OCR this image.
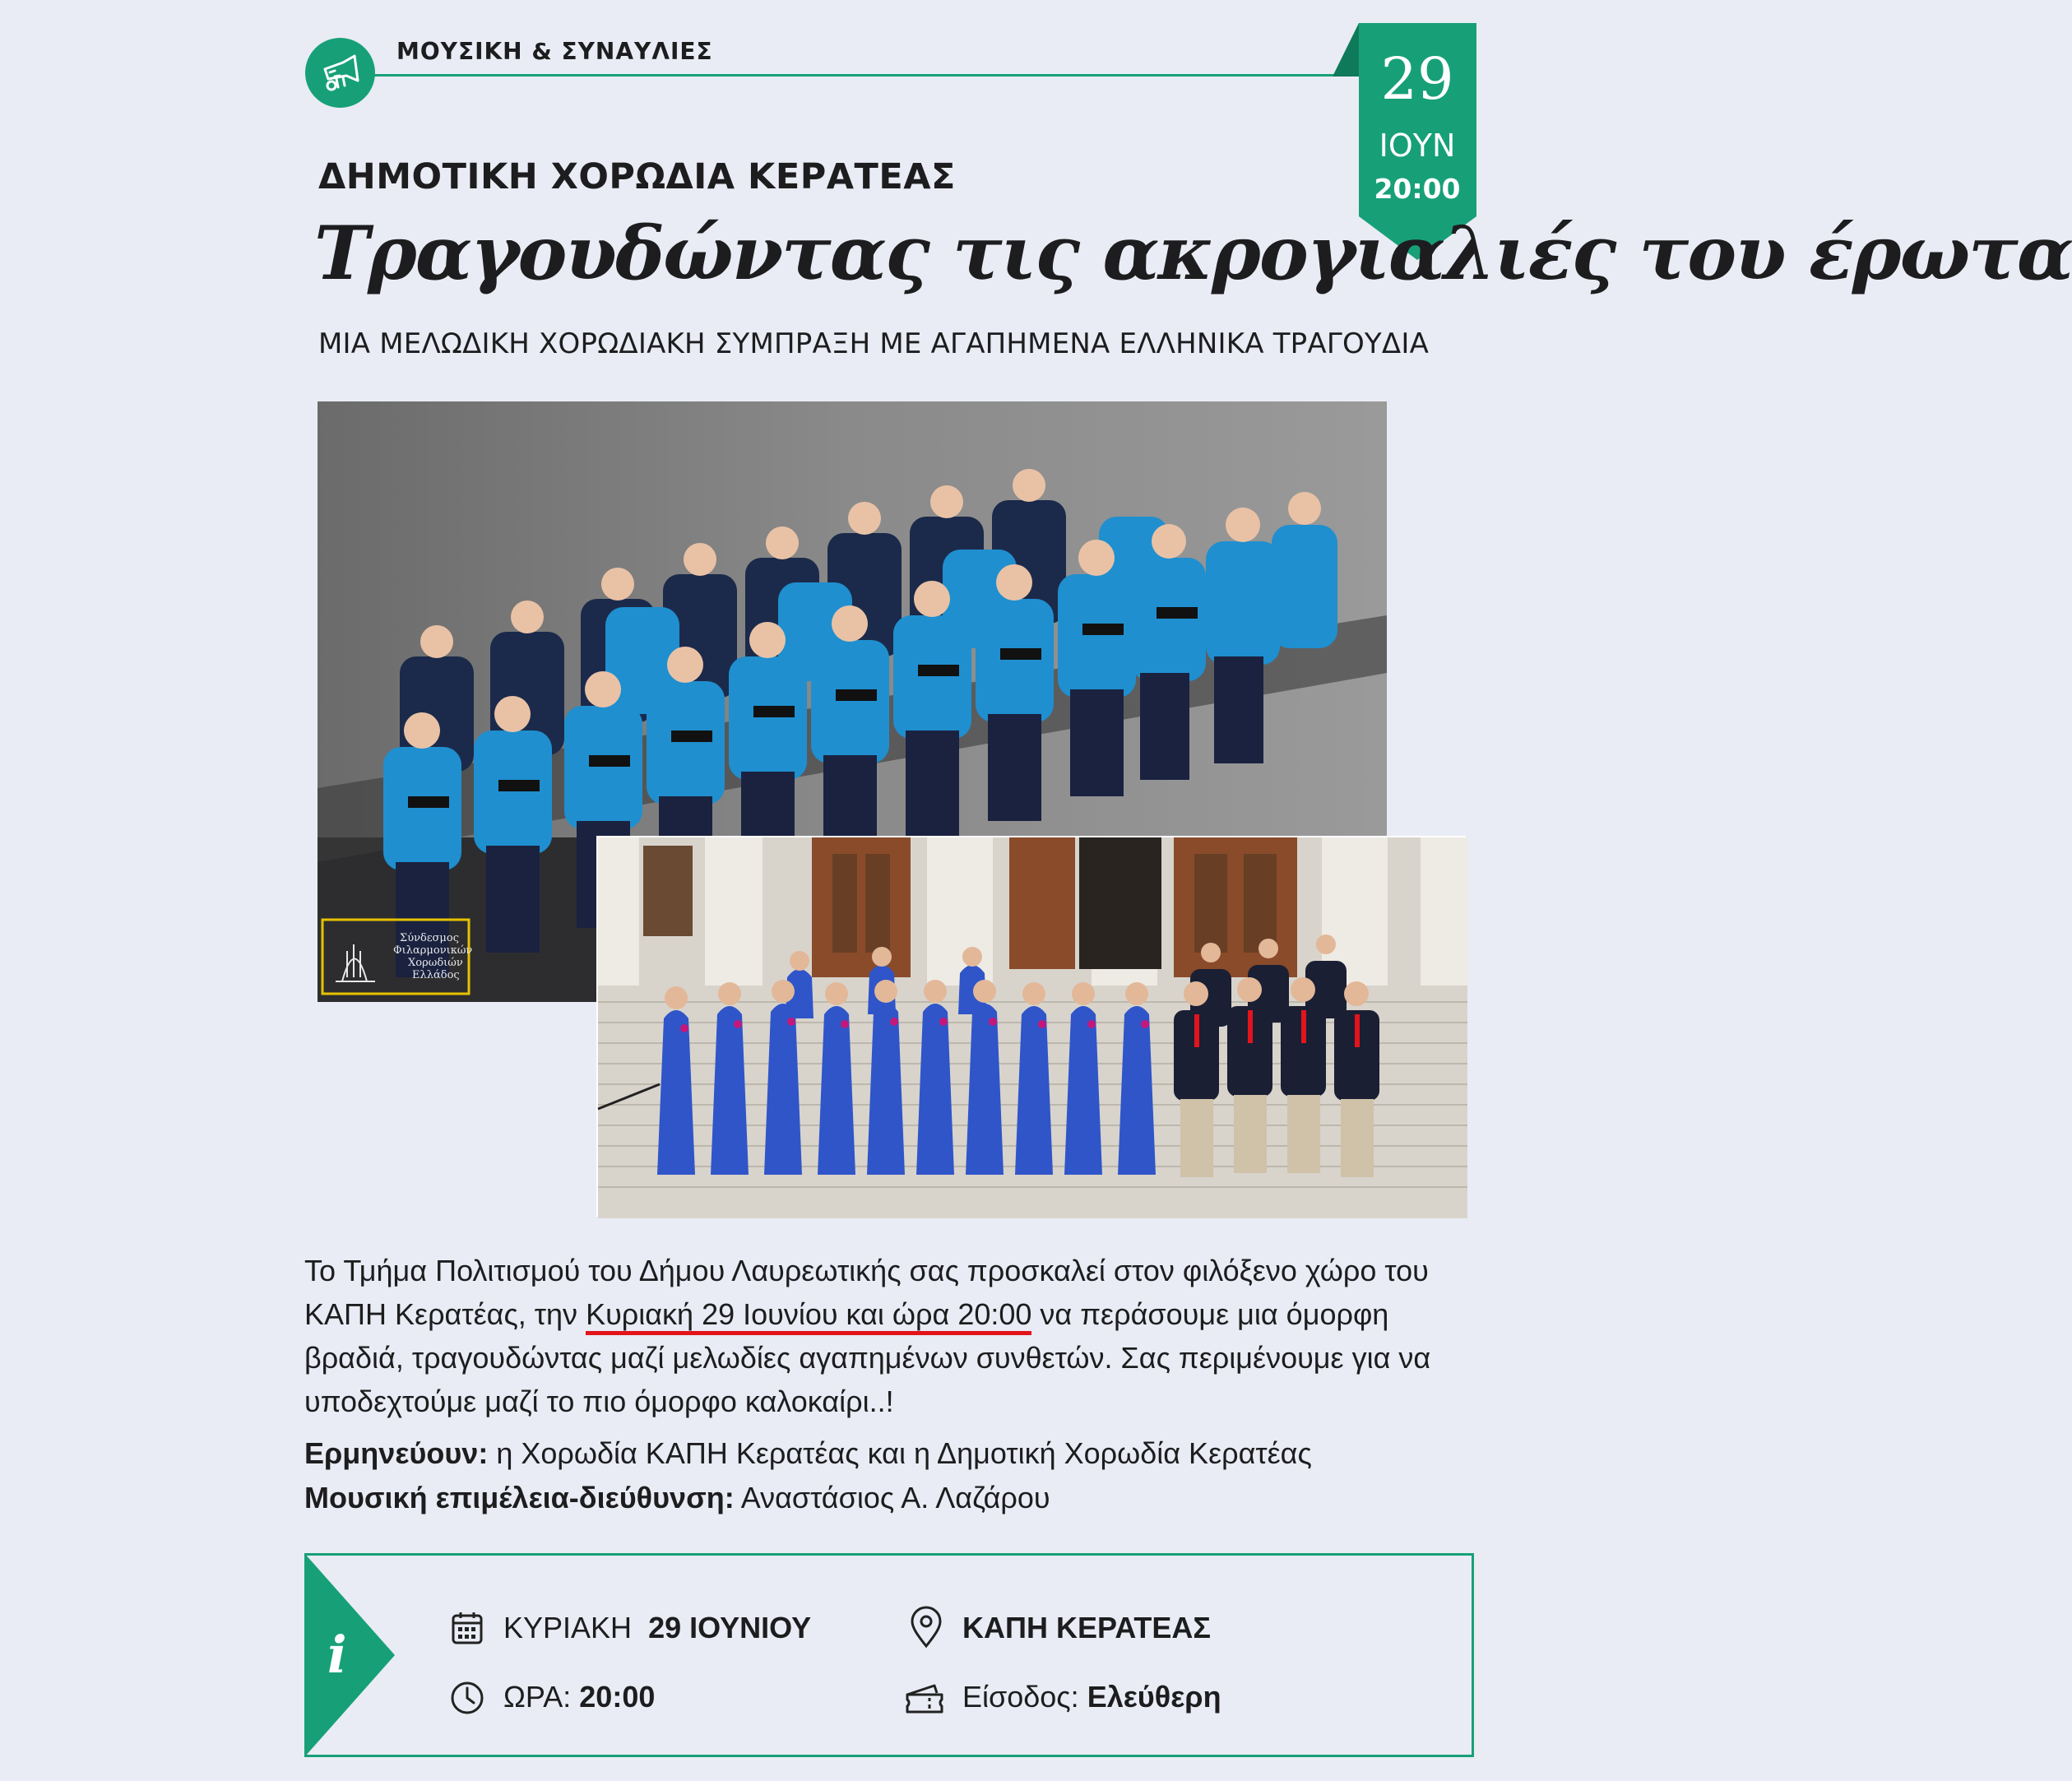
ΜΟΥΣΙΚΗ & ΣΥΝΑΥΛΙΕΣ	29
ΙΟΥΝ
20:00
ΔΗΜΟΤΙΚΗ ΧΟΡΩΔΙΑ ΚΕΡΑΤΕΑΣ
Τραγουδώντας τις ακρογιαλιές του έρωτα
ΜΙΑ ΜΕΛΩΔΙΚΗ ΧΟΡΩΔΙΑΚΗ ΣΥΜΠΡΑΞΗ ΜΕ ΑΓΑΠΗΜΕΝΑ ΕΛΛΗΝΙΚΑ ΤΡΑΓΟΥΔΙΑ
Σύνδεσμος Φιλαρμονικών Χορωδιών Ελλάδος

Το Τμήμα Πολιτισμού του Δήμου Λαυρεωτικής σας προσκαλεί στον φιλόξενο χώρο του ΚΑΠΗ Κερατέας, την Κυριακή 29 Ιουνίου και ώρα 20:00 να περάσουμε μια όμορφη βραδιά, τραγουδώντας μαζί μελωδίες αγαπημένων συνθετών. Σας περιμένουμε για να υποδεχτούμε μαζί το πιο όμορφο καλοκαίρι..!

Ερμηνεύουν: η Χορωδία ΚΑΠΗ Κερατέας και η Δημοτική Χορωδία Κερατέας
Μουσική επιμέλεια-διεύθυνση: Αναστάσιος Α. Λαζάρου

i	ΚΥΡΙΑΚΗ 29 ΙΟΥΝΙΟΥ
ΩΡΑ: 20:00
ΚΑΠΗ ΚΕΡΑΤΕΑΣ
Είσοδος: Ελεύθερη
